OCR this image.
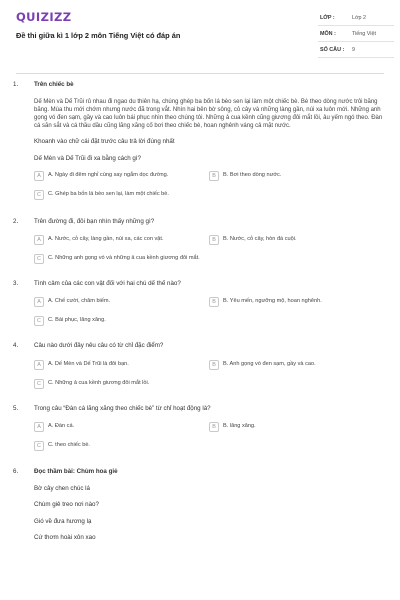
QUIZIZZ
Đề thi giữa kì 1 lớp 2 môn Tiếng Việt có đáp án
LỚP :	Lớp 2
MÔN :	Tiếng Việt
SỐ CÂU : 9
1.	Trên chiếc bè
Dế Mèn và Dế Trũi rủ nhau đi ngao du thiên hạ, chúng ghép ba bốn lá bèo sen lại làm một chiếc bè. Bè theo dòng nước trôi băng băng. Mùa thu mới chớm nhưng nước đã trong vắt. Nhìn hai bên bờ sông, cỏ cây và những làng gần, núi xa luôn mới. Những anh gọng vó đen sạm, gầy và cao luôn bái phục nhìn theo chúng tôi. Những ả cua kềnh cũng giương đôi mắt lồi, âu yếm ngó theo. Đàn cá săn sắt và cá thầu dầu cũng lăng xăng cố bơi theo chiếc bè, hoan nghênh váng cả mặt nước.
Khoanh vào chữ cái đặt trước câu trả lời đúng nhất
Dế Mèn và Dế Trũi đi xa bằng cách gì?
A	A. Ngày đi đêm nghỉ cùng say ngắm dọc đường.	B	B. Bơi theo dòng nước.
C	C. Ghép ba bốn lá bèo sen lại, làm một chiếc bè.
2.	Trên đường đi, đôi bạn nhìn thấy những gì?
A	A. Nước, cỏ cây, làng gần, núi xa, các con vật.	B	B. Nước, cỏ cây, hòn đá cuội.
C	C. Những anh gọng vó và những ả cua kềnh giương đôi mắt.
3.	Tình cảm của các con vật đối với hai chú dế thế nào?
A	A. Chế cười, chăm biếm.	B	B. Yêu mến, ngưỡng mộ, hoan nghênh.
C	C. Bái phục, lăng xăng.
4.	Câu nào dưới đây nêu câu có từ chỉ đặc điểm?
A	A. Dế Mèn và Dế Trũi là đôi bạn.	B	B. Anh gọng vó đen sạm, gầy và cao.
C	C. Những ả cua kềnh giương đôi mắt lồi.
5.	Trong câu “Đàn cá lăng xăng theo chiếc bè” từ chỉ hoạt động là?
A	A. Đàn cá.	B	B. lăng xăng.
C	C. theo chiếc bè.
6.	Đọc thầm bài: Chùm hoa giẻ
Bờ cây chen chúc lá
Chùm giẻ treo nơi nào?
Gió về đưa hương lạ
Cứ thơm hoài xôn xao
